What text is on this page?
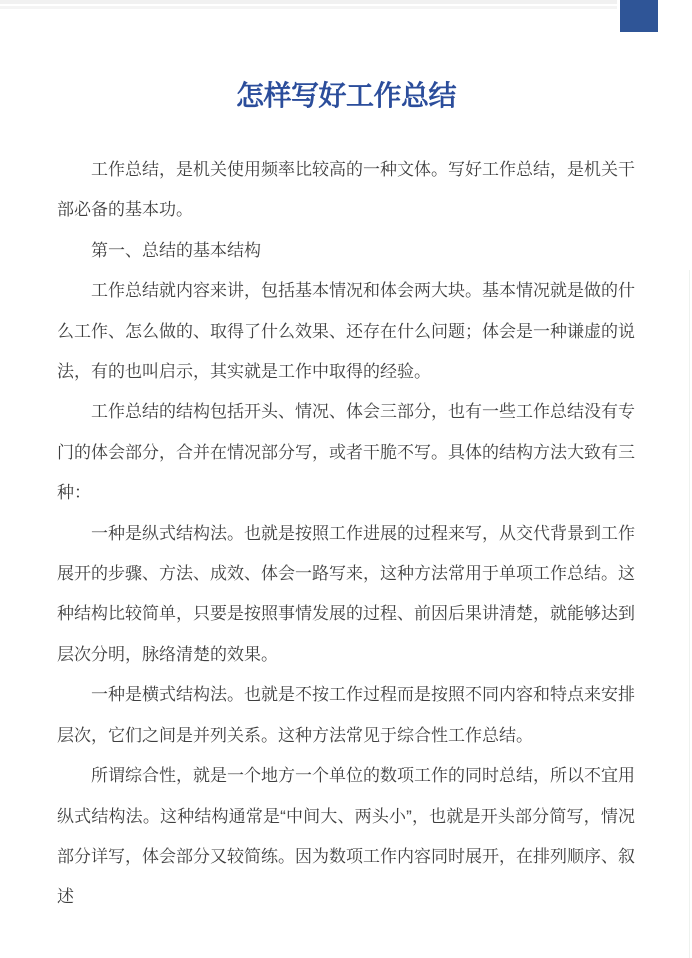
怎样写好工作总结

工作总结，是机关使用频率比较高的一种文体。写好工作总结，是机关干部必备的基本功。

第一、总结的基本结构

工作总结就内容来讲，包括基本情况和体会两大块。基本情况就是做的什么工作、怎么做的、取得了什么效果、还存在什么问题；体会是一种谦虚的说法，有的也叫启示，其实就是工作中取得的经验。

工作总结的结构包括开头、情况、体会三部分，也有一些工作总结没有专门的体会部分，合并在情况部分写，或者干脆不写。具体的结构方法大致有三种：

一种是纵式结构法。也就是按照工作进展的过程来写，从交代背景到工作展开的步骤、方法、成效、体会一路写来，这种方法常用于单项工作总结。这种结构比较简单，只要是按照事情发展的过程、前因后果讲清楚，就能够达到层次分明，脉络清楚的效果。

一种是横式结构法。也就是不按工作过程而是按照不同内容和特点来安排层次，它们之间是并列关系。这种方法常见于综合性工作总结。

所谓综合性，就是一个地方一个单位的数项工作的同时总结，所以不宜用纵式结构法。这种结构通常是“中间大、两头小”，也就是开头部分简写，情况部分详写，体会部分又较简练。因为数项工作内容同时展开，在排列顺序、叙述
